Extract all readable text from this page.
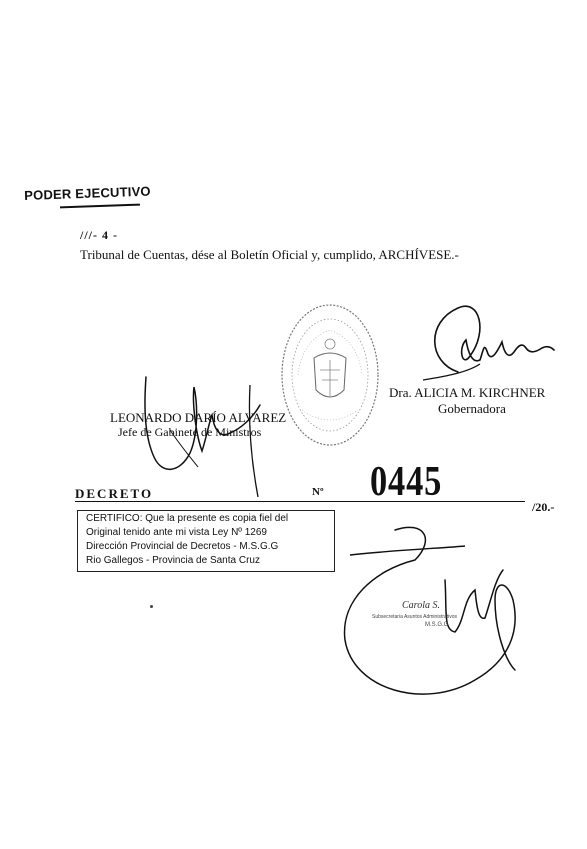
PODER EJECUTIVO
///- 4 -
Tribunal de Cuentas, dése al Boletín Oficial y, cumplido, ARCHÍVESE.-
Dra. ALICIA M. KIRCHNER
Gobernadora
LEONARDO DARÍO ALVAREZ
Jefe de Gabinete de Ministros
DECRETO	Nº 0445
/20.-
CERTIFICO: Que la presente es copia fiel del
Original tenido ante mi vista Ley Nº 1269
Dirección Provincial de Decretos - M.S.G.G
Rio Gallegos - Provincia de Santa Cruz
Carola S.
Subsecretaria Asuntos Administrativos
M.S.G.G
